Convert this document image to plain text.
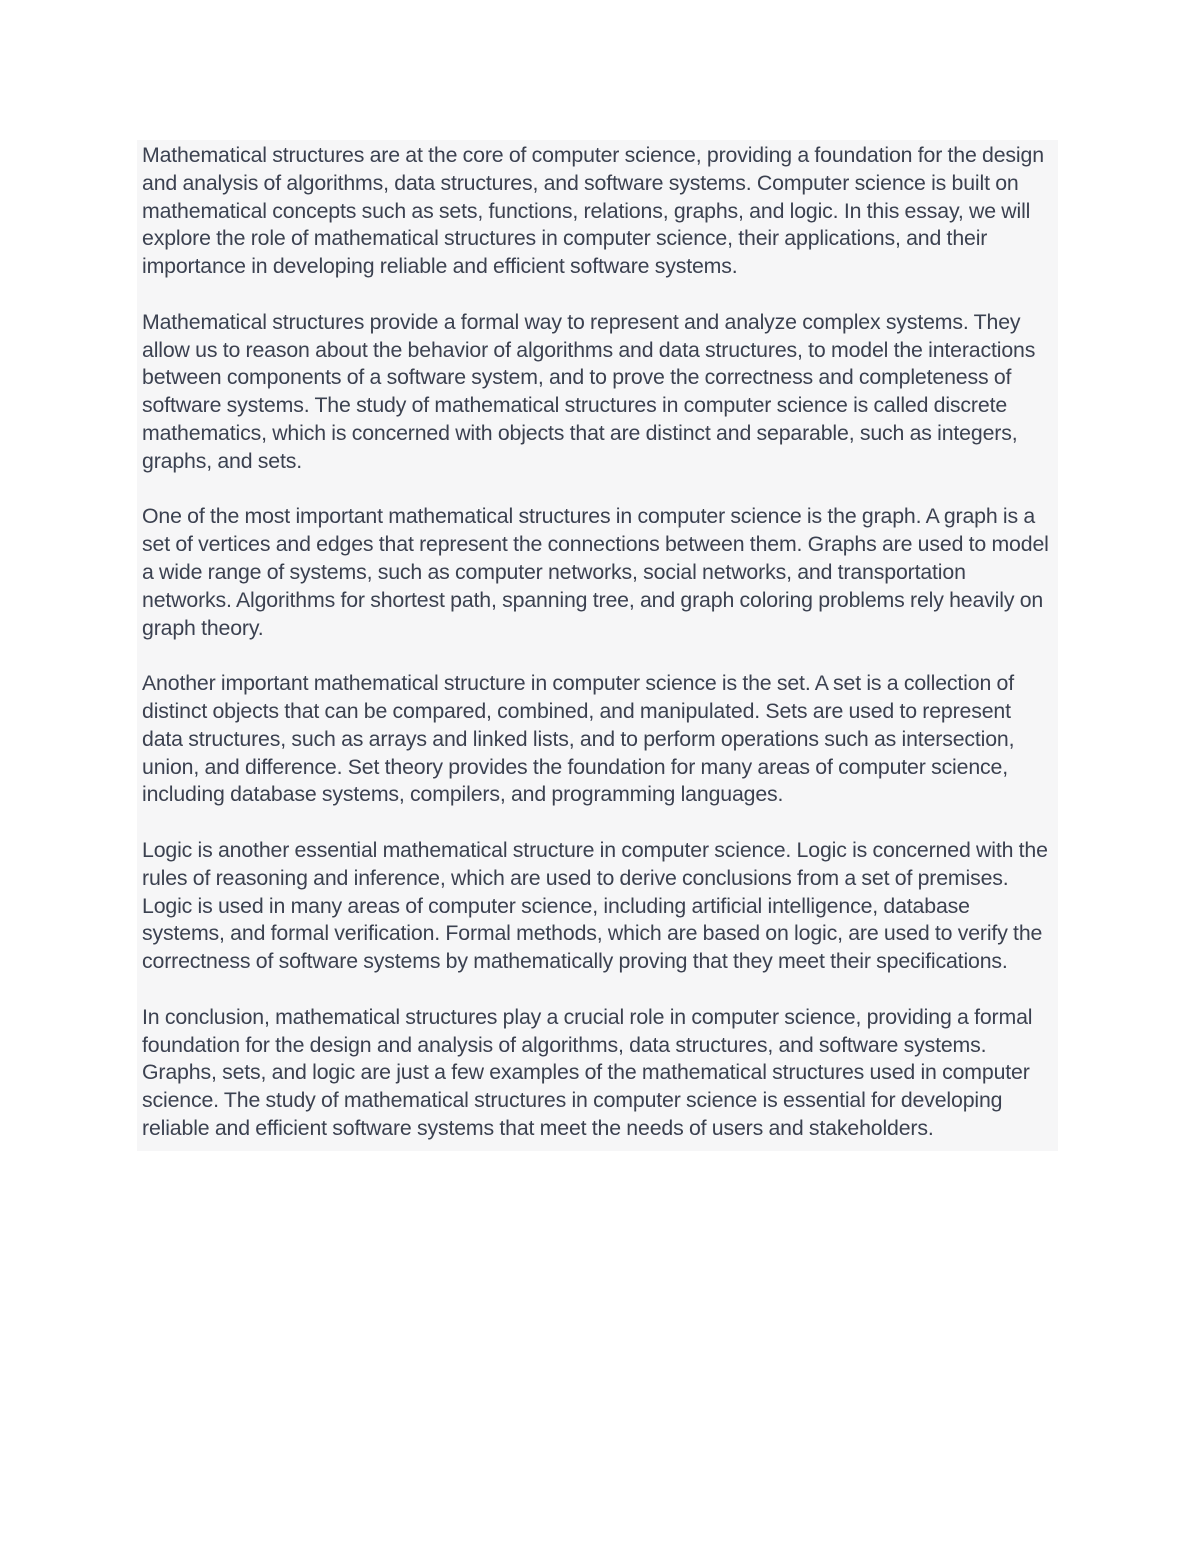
Mathematical structures are at the core of computer science, providing a foundation for the design and analysis of algorithms, data structures, and software systems. Computer science is built on mathematical concepts such as sets, functions, relations, graphs, and logic. In this essay, we will explore the role of mathematical structures in computer science, their applications, and their importance in developing reliable and efficient software systems.

Mathematical structures provide a formal way to represent and analyze complex systems. They allow us to reason about the behavior of algorithms and data structures, to model the interactions between components of a software system, and to prove the correctness and completeness of software systems. The study of mathematical structures in computer science is called discrete mathematics, which is concerned with objects that are distinct and separable, such as integers, graphs, and sets.

One of the most important mathematical structures in computer science is the graph. A graph is a set of vertices and edges that represent the connections between them. Graphs are used to model a wide range of systems, such as computer networks, social networks, and transportation networks. Algorithms for shortest path, spanning tree, and graph coloring problems rely heavily on graph theory.

Another important mathematical structure in computer science is the set. A set is a collection of distinct objects that can be compared, combined, and manipulated. Sets are used to represent data structures, such as arrays and linked lists, and to perform operations such as intersection, union, and difference. Set theory provides the foundation for many areas of computer science, including database systems, compilers, and programming languages.

Logic is another essential mathematical structure in computer science. Logic is concerned with the rules of reasoning and inference, which are used to derive conclusions from a set of premises. Logic is used in many areas of computer science, including artificial intelligence, database systems, and formal verification. Formal methods, which are based on logic, are used to verify the correctness of software systems by mathematically proving that they meet their specifications.

In conclusion, mathematical structures play a crucial role in computer science, providing a formal foundation for the design and analysis of algorithms, data structures, and software systems. Graphs, sets, and logic are just a few examples of the mathematical structures used in computer science. The study of mathematical structures in computer science is essential for developing reliable and efficient software systems that meet the needs of users and stakeholders.
